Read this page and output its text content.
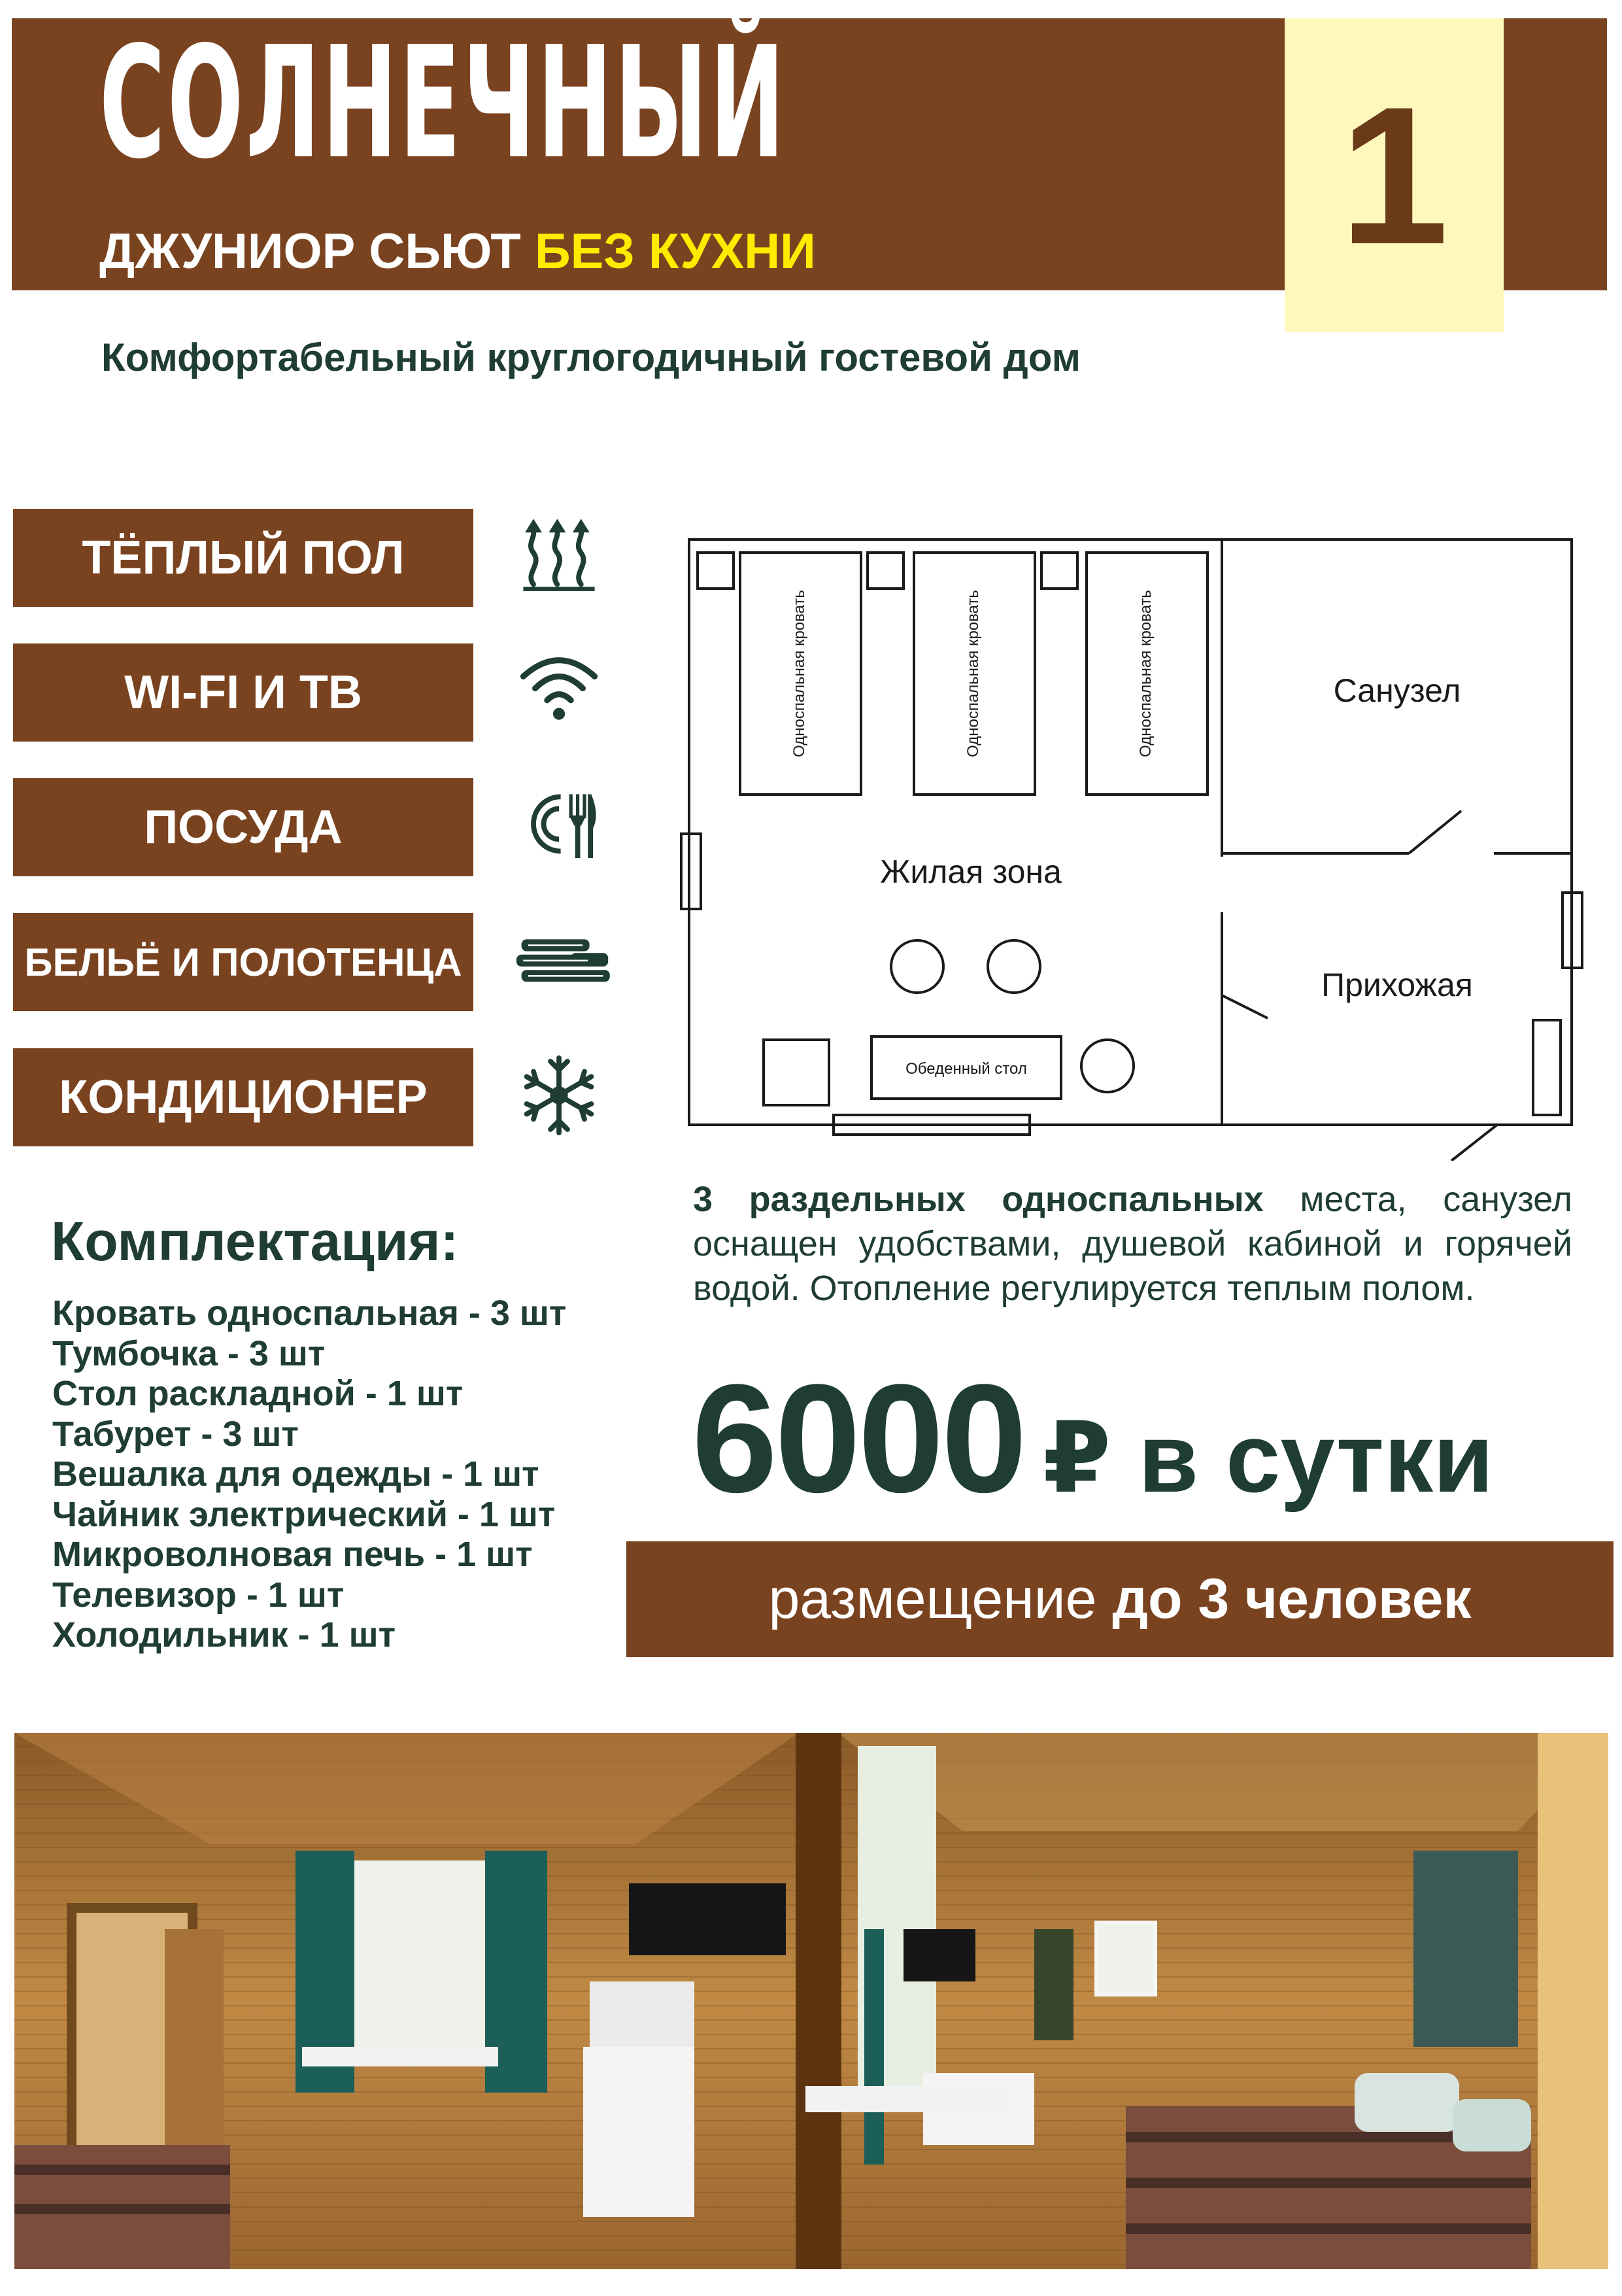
СОЛНЕЧНЫЙ
ДЖУНИОР СЬЮТ БЕЗ КУХНИ	1
Комфортабельный круглогодичный гостевой дом
ТЁПЛЫЙ ПОЛ
WI-FI И ТВ
ПОСУДА
БЕЛЬЁ И ПОЛОТЕНЦА
КОНДИЦИОНЕР
Односпальная кровать	Односпальная кровать	Односпальная кровать	Санузел
Жилая зона
Прихожая
Обеденный стол
3 раздельных односпальных места, санузел оснащен удобствами, душевой кабиной и горячей водой. Отопление регулируется теплым полом.
Комплектация:
Кровать односпальная - 3 шт
Тумбочка - 3 шт
Стол раскладной - 1 шт
Табурет - 3 шт
Вешалка для одежды - 1 шт
Чайник электрический - 1 шт
Микроволновая печь - 1 шт
Телевизор - 1 шт
Холодильник - 1 шт
6000 ₽ в сутки
размещение до 3 человек
